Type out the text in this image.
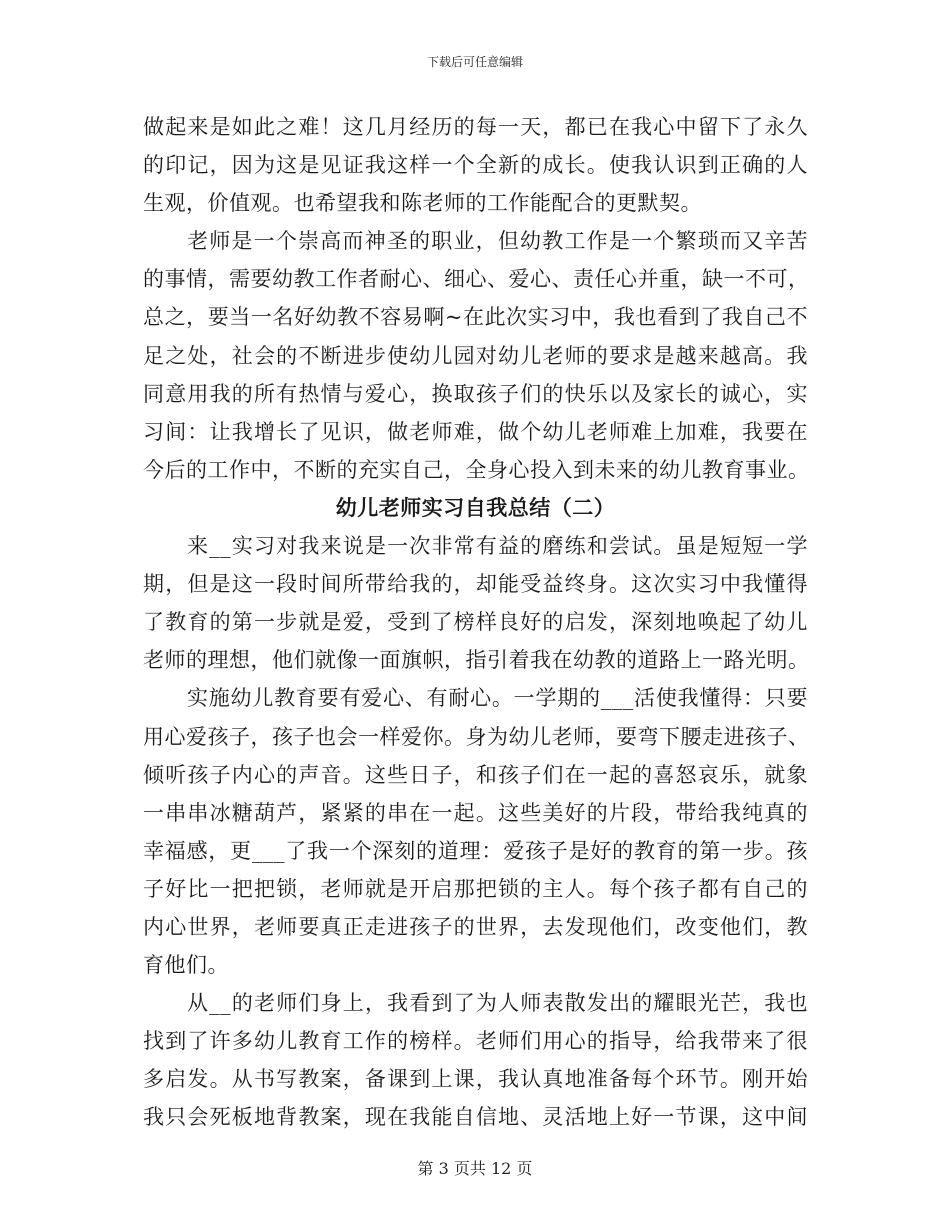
下载后可任意编辑
做起来是如此之难！这几月经历的每一天，都已在我心中留下了永久
的印记，因为这是见证我这样一个全新的成长。使我认识到正确的人
生观，价值观。也希望我和陈老师的工作能配合的更默契。
老师是一个崇高而神圣的职业，但幼教工作是一个繁琐而又辛苦
的事情，需要幼教工作者耐心、细心、爱心、责任心并重，缺一不可，
总之，要当一名好幼教不容易啊~在此次实习中，我也看到了我自己不
足之处，社会的不断进步使幼儿园对幼儿老师的要求是越来越高。我
同意用我的所有热情与爱心，换取孩子们的快乐以及家长的诚心，实
习间：让我增长了见识，做老师难，做个幼儿老师难上加难，我要在
今后的工作中，不断的充实自己，全身心投入到未来的幼儿教育事业。
幼儿老师实习自我总结（二）
来__实习对我来说是一次非常有益的磨练和尝试。虽是短短一学
期，但是这一段时间所带给我的，却能受益终身。这次实习中我懂得
了教育的第一步就是爱，受到了榜样良好的启发，深刻地唤起了幼儿
老师的理想，他们就像一面旗帜，指引着我在幼教的道路上一路光明。
实施幼儿教育要有爱心、有耐心。一学期的___活使我懂得：只要
用心爱孩子，孩子也会一样爱你。身为幼儿老师，要弯下腰走进孩子、
倾听孩子内心的声音。这些日子，和孩子们在一起的喜怒哀乐，就象
一串串冰糖葫芦，紧紧的串在一起。这些美好的片段，带给我纯真的
幸福感，更___了我一个深刻的道理：爱孩子是好的教育的第一步。孩
子好比一把把锁，老师就是开启那把锁的主人。每个孩子都有自己的
内心世界，老师要真正走进孩子的世界，去发现他们，改变他们，教
育他们。
从__的老师们身上，我看到了为人师表散发出的耀眼光芒，我也
找到了许多幼儿教育工作的榜样。老师们用心的指导，给我带来了很
多启发。从书写教案，备课到上课，我认真地准备每个环节。刚开始
我只会死板地背教案，现在我能自信地、灵活地上好一节课，这中间
第 3 页共 12 页
